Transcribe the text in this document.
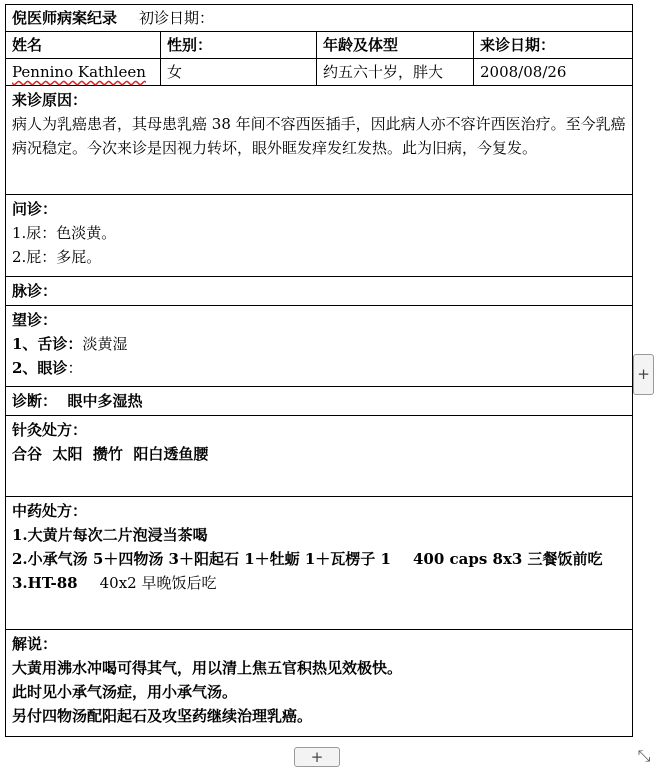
倪医师病案纪录 初诊日期：			
姓名	性别：	年龄及体型	来诊日期：
Pennino Kathleen	女	约五六十岁，胖大	2008/08/26

来诊原因：
病人为乳癌患者，其母患乳癌 38 年间不容西医插手，因此病人亦不容许西医治疗。至今乳癌病况稳定。今次来诊是因视力转坏，眼外眶发痒发红发热。此为旧病，今复发。			

问诊：
1.尿：色淡黄。
2.屁：多屁。			

脉诊：			

望诊：
1、舌诊：淡黄湿
2、眼诊：			

诊断： 眼中多湿热			

针灸处方：
合谷  太阳  攒竹  阳白透鱼腰			

中药处方：
1.大黄片每次二片泡浸当茶喝
2.小承气汤 5＋四物汤 3＋阳起石 1＋牡蛎 1＋瓦楞子 1 400 caps 8x3 三餐饭前吃
3.HT-88 40x2 早晚饭后吃			

解说：
大黄用沸水冲喝可得其气，用以清上焦五官积热见效极快。
此时见小承气汤症，用小承气汤。
另付四物汤配阳起石及攻坚药继续治理乳癌。			
+
+	⤡
